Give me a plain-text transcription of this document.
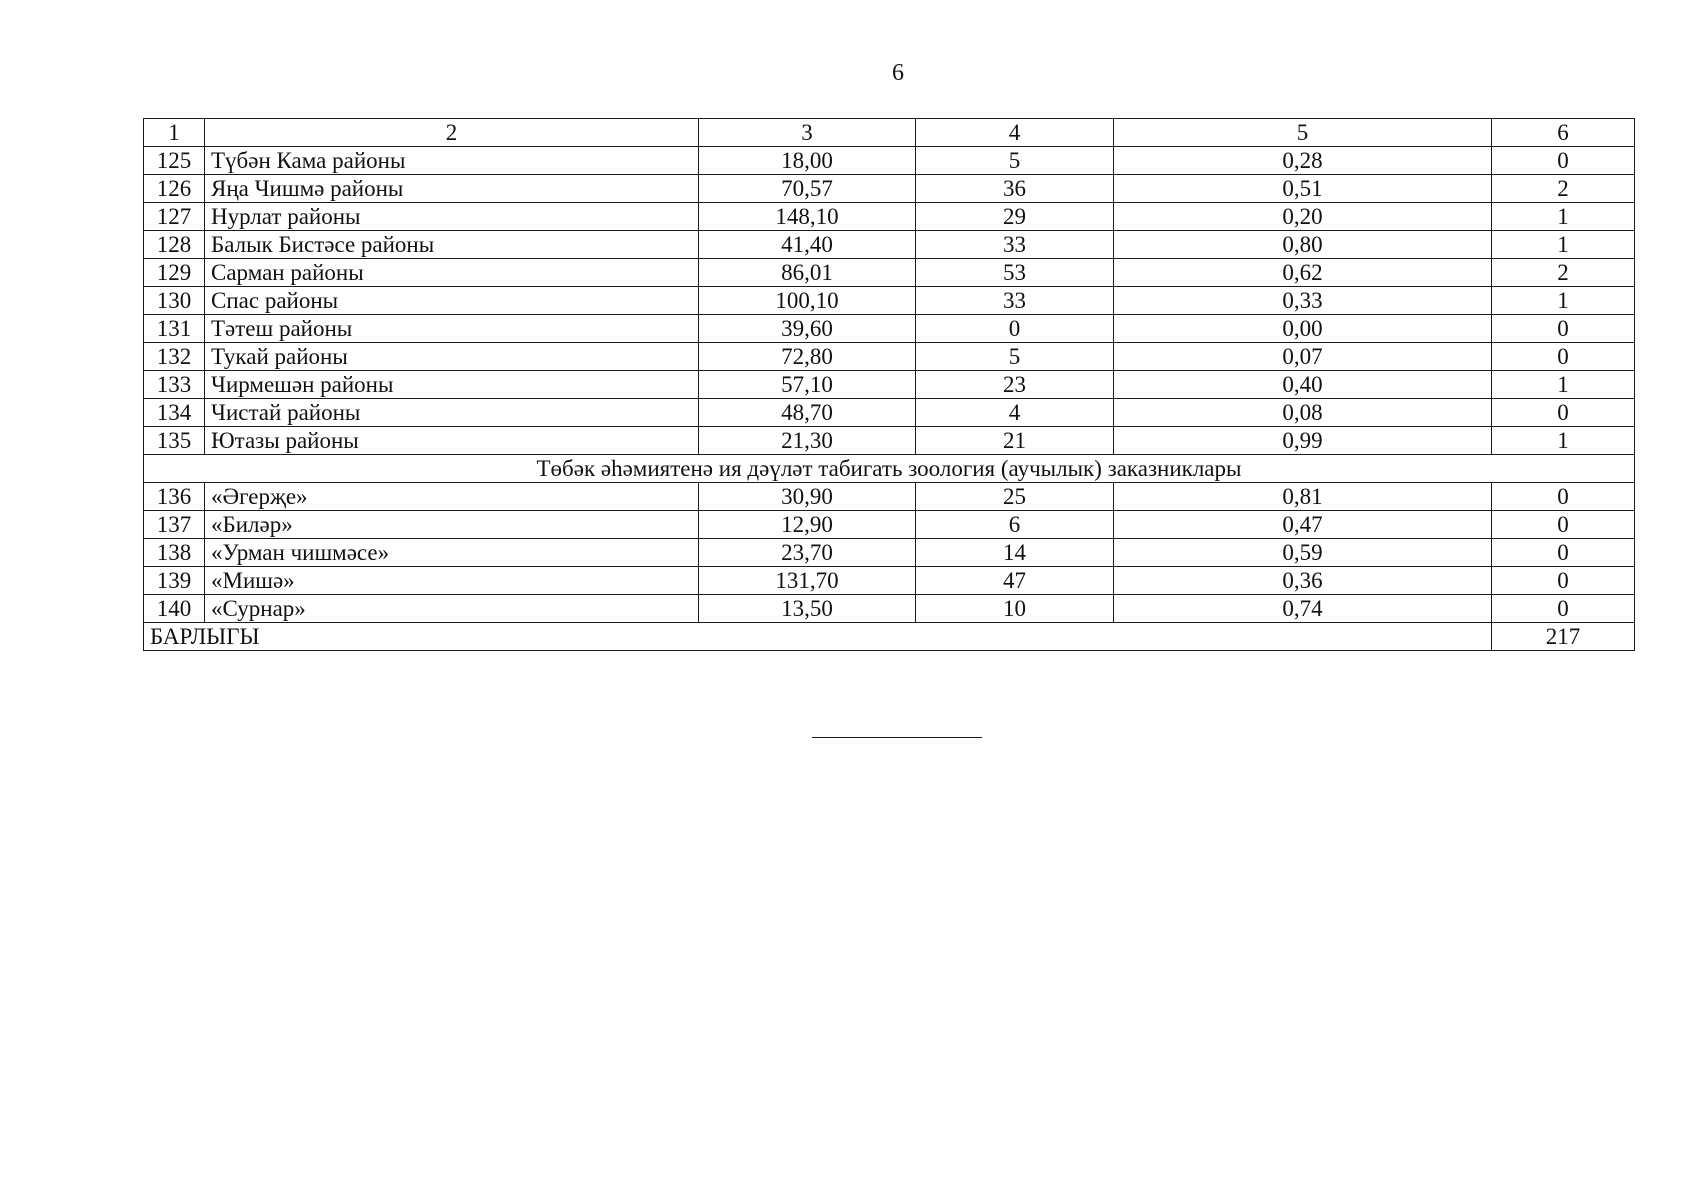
6
1	2	3	4	5	6
125	Түбән Кама районы	18,00	5	0,28	0
126	Яңа Чишмә районы	70,57	36	0,51	2
127	Нурлат районы	148,10	29	0,20	1
128	Балык Бистәсе районы	41,40	33	0,80	1
129	Сарман районы	86,01	53	0,62	2
130	Спас районы	100,10	33	0,33	1
131	Тәтеш районы	39,60	0	0,00	0
132	Тукай районы	72,80	5	0,07	0
133	Чирмешән районы	57,10	23	0,40	1
134	Чистай районы	48,70	4	0,08	0
135	Ютазы районы	21,30	21	0,99	1
Төбәк әһәмиятенә ия дәүләт табигать зоология (аучылык) заказниклары					
136	«Әгерҗе»	30,90	25	0,81	0
137	«Биләр»	12,90	6	0,47	0
138	«Урман чишмәсе»	23,70	14	0,59	0
139	«Мишә»	131,70	47	0,36	0
140	«Сурнар»	13,50	10	0,74	0
БАРЛЫГЫ					217
